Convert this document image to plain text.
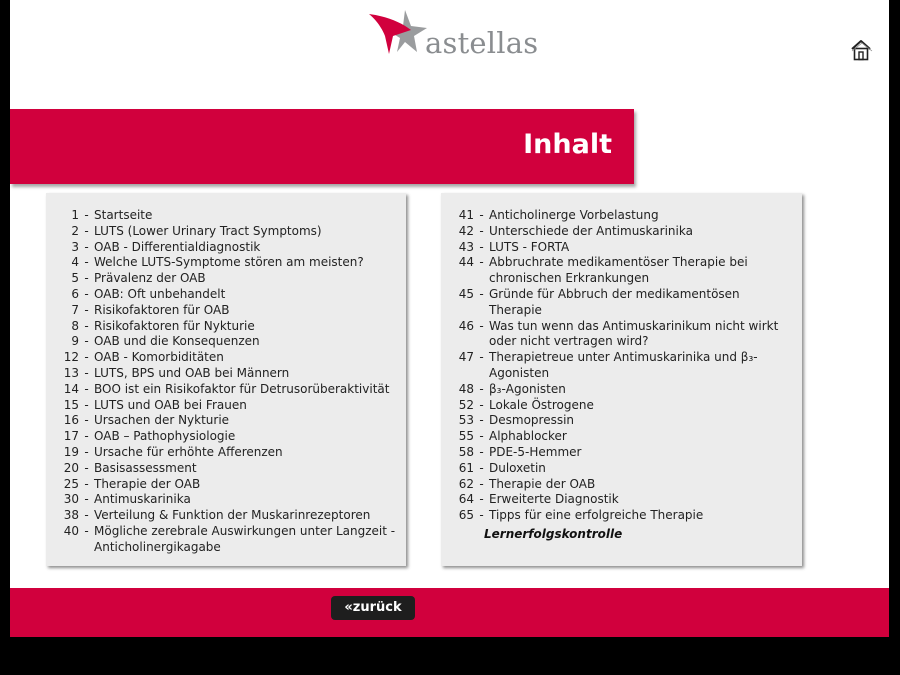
astellas
Inhalt
1 - Startseite
2 - LUTS (Lower Urinary Tract Symptoms)
3 - OAB - Differentialdiagnostik
4 - Welche LUTS-Symptome stören am meisten?
5 - Prävalenz der OAB
6 - OAB: Oft unbehandelt
7 - Risikofaktoren für OAB
8 - Risikofaktoren für Nykturie
9 - OAB und die Konsequenzen
12 - OAB - Komorbiditäten
13 - LUTS, BPS und OAB bei Männern
14 - BOO ist ein Risikofaktor für Detrusorüberaktivität
15 - LUTS und OAB bei Frauen
16 - Ursachen der Nykturie
17 - OAB – Pathophysiologie
19 - Ursache für erhöhte Afferenzen
20 - Basisassessment
25 - Therapie der OAB
30 - Antimuskarinika
38 - Verteilung & Funktion der Muskarinrezeptoren
40 - Mögliche zerebrale Auswirkungen unter Langzeit - Anticholinergikagabe
41 - Anticholinerge Vorbelastung
42 - Unterschiede der Antimuskarinika
43 - LUTS - FORTA
44 - Abbruchrate medikamentöser Therapie bei chronischen Erkrankungen
45 - Gründe für Abbruch der medikamentösen Therapie
46 - Was tun wenn das Antimuskarinikum nicht wirkt oder nicht vertragen wird?
47 - Therapietreue unter Antimuskarinika und β₃-Agonisten
48 - β₃-Agonisten
52 - Lokale Östrogene
53 - Desmopressin
55 - Alphablocker
58 - PDE-5-Hemmer
61 - Duloxetin
62 - Therapie der OAB
64 - Erweiterte Diagnostik
65 - Tipps für eine erfolgreiche Therapie
Lernerfolgskontrolle
«zurück
